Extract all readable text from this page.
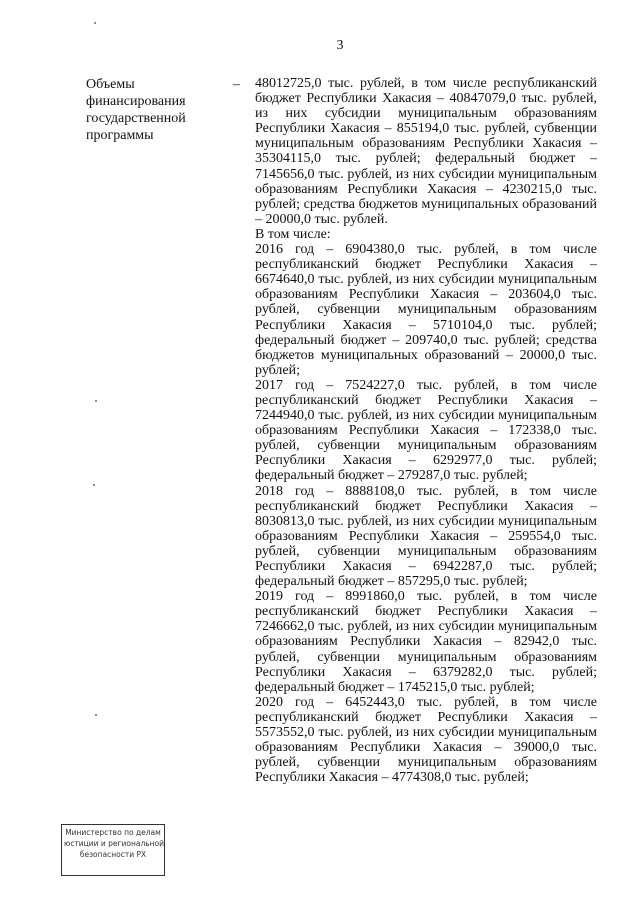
3
Объемы
финансирования
государственной
программы
– 48012725,0 тыс. рублей, в том числе республиканский бюджет Республики Хакасия – 40847079,0 тыс. рублей, из них субсидии муниципальным образованиям Республики Хакасия – 855194,0 тыс. рублей, субвенции муниципальным образованиям Республики Хакасия – 35304115,0 тыс. рублей; федеральный бюджет – 7145656,0 тыс. рублей, из них субсидии муниципальным образованиям Республики Хакасия – 4230215,0 тыс. рублей; средства бюджетов муниципальных образований – 20000,0 тыс. рублей.

В том числе:

2016 год – 6904380,0 тыс. рублей, в том числе республиканский бюджет Республики Хакасия – 6674640,0 тыс. рублей, из них субсидии муниципальным образованиям Республики Хакасия – 203604,0 тыс. рублей, субвенции муниципальным образованиям Республики Хакасия – 5710104,0 тыс. рублей; федеральный бюджет – 209740,0 тыс. рублей; средства бюджетов муниципальных образований – 20000,0 тыс. рублей;

2017 год – 7524227,0 тыс. рублей, в том числе республиканский бюджет Республики Хакасия – 7244940,0 тыс. рублей, из них субсидии муниципальным образованиям Республики Хакасия – 172338,0 тыс. рублей, субвенции муниципальным образованиям Республики Хакасия – 6292977,0 тыс. рублей; федеральный бюджет – 279287,0 тыс. рублей;

2018 год – 8888108,0 тыс. рублей, в том числе республиканский бюджет Республики Хакасия – 8030813,0 тыс. рублей, из них субсидии муниципальным образованиям Республики Хакасия – 259554,0 тыс. рублей, субвенции муниципальным образованиям Республики Хакасия – 6942287,0 тыс. рублей; федеральный бюджет – 857295,0 тыс. рублей;

2019 год – 8991860,0 тыс. рублей, в том числе республиканский бюджет Республики Хакасия – 7246662,0 тыс. рублей, из них субсидии муниципальным образованиям Республики Хакасия – 82942,0 тыс. рублей, субвенции муниципальным образованиям Республики Хакасия – 6379282,0 тыс. рублей; федеральный бюджет – 1745215,0 тыс. рублей;

2020 год – 6452443,0 тыс. рублей, в том числе республиканский бюджет Республики Хакасия – 5573552,0 тыс. рублей, из них субсидии муниципальным образованиям Республики Хакасия – 39000,0 тыс. рублей, субвенции муниципальным образованиям Республики Хакасия – 4774308,0 тыс. рублей;

Министерство по делам
юстиции и региональной
безопасности РХ
